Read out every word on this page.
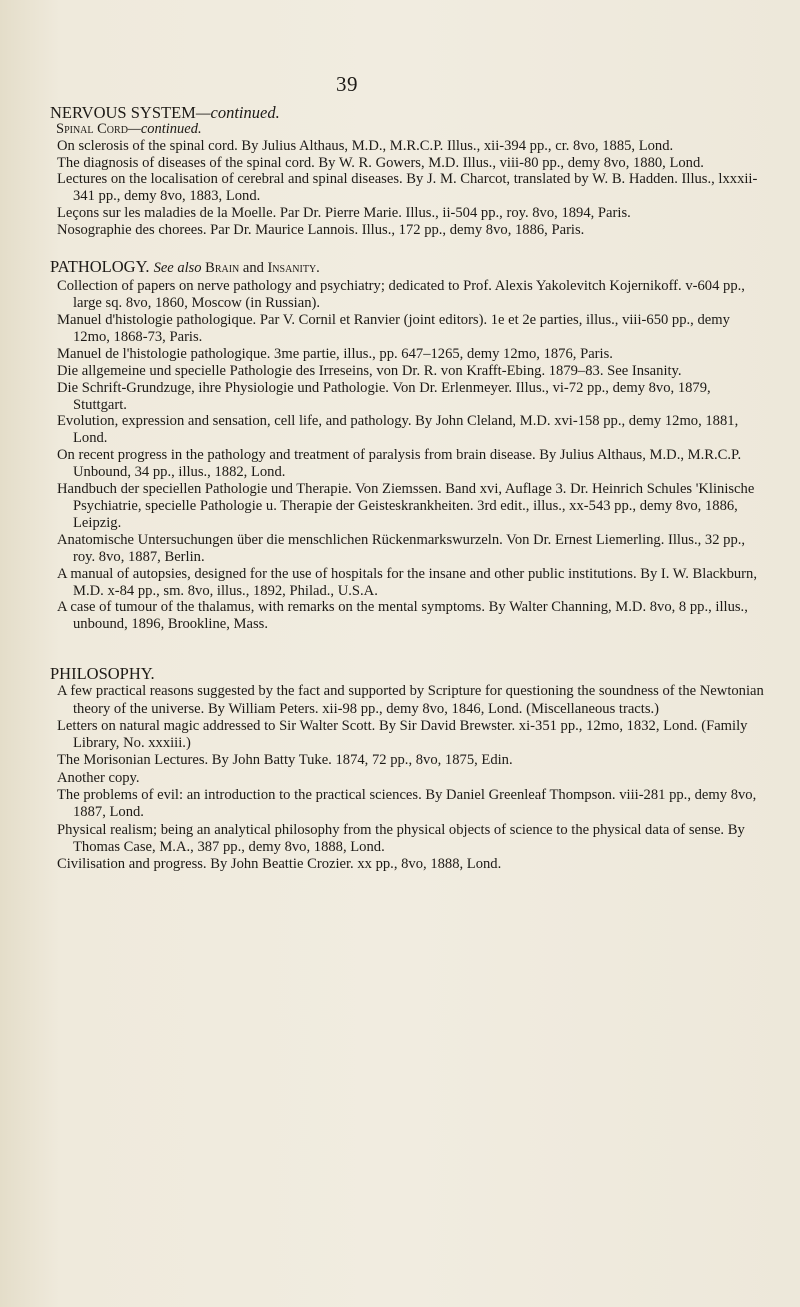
39
NERVOUS SYSTEM—continued.
Spinal Cord—continued.
On sclerosis of the spinal cord. By Julius Althaus, M.D., M.R.C.P. Illus., xii-394 pp., cr. 8vo, 1885, Lond.
The diagnosis of diseases of the spinal cord. By W. R. Gowers, M.D. Illus., viii-80 pp., demy 8vo, 1880, Lond.
Lectures on the localisation of cerebral and spinal diseases. By J. M. Charcot, translated by W. B. Hadden. Illus., lxxxii-341 pp., demy 8vo, 1883, Lond.
Leçons sur les maladies de la Moelle. Par Dr. Pierre Marie. Illus., ii-504 pp., roy. 8vo, 1894, Paris.
Nosographie des chorees. Par Dr. Maurice Lannois. Illus., 172 pp., demy 8vo, 1886, Paris.
PATHOLOGY. See also Brain and Insanity.
Collection of papers on nerve pathology and psychiatry; dedicated to Prof. Alexis Yakolevitch Kojernikoff. v-604 pp., large sq. 8vo, 1860, Moscow (in Russian).
Manuel d'histologie pathologique. Par V. Cornil et Ranvier (joint editors). 1e et 2e parties, illus., viii-650 pp., demy 12mo, 1868-73, Paris.
Manuel de l'histologie pathologique. 3me partie, illus., pp. 647–1265, demy 12mo, 1876, Paris.
Die allgemeine und specielle Pathologie des Irreseins, von Dr. R. von Krafft-Ebing. 1879–83. See Insanity.
Die Schrift-Grundzuge, ihre Physiologie und Pathologie. Von Dr. Erlenmeyer. Illus., vi-72 pp., demy 8vo, 1879, Stuttgart.
Evolution, expression and sensation, cell life, and pathology. By John Cleland, M.D. xvi-158 pp., demy 12mo, 1881, Lond.
On recent progress in the pathology and treatment of paralysis from brain disease. By Julius Althaus, M.D., M.R.C.P. Unbound, 34 pp., illus., 1882, Lond.
Handbuch der speciellen Pathologie und Therapie. Von Ziemssen. Band xvi, Auflage 3. Dr. Heinrich Schules 'Klinische Psychiatrie, specielle Pathologie u. Therapie der Geisteskrankheiten. 3rd edit., illus., xx-543 pp., demy 8vo, 1886, Leipzig.
Anatomische Untersuchungen über die menschlichen Rückenmarkswurzeln. Von Dr. Ernest Liemerling. Illus., 32 pp., roy. 8vo, 1887, Berlin.
A manual of autopsies, designed for the use of hospitals for the insane and other public institutions. By I. W. Blackburn, M.D. x-84 pp., sm. 8vo, illus., 1892, Philad., U.S.A.
A case of tumour of the thalamus, with remarks on the mental symptoms. By Walter Channing, M.D. 8vo, 8 pp., illus., unbound, 1896, Brookline, Mass.
PHILOSOPHY.
A few practical reasons suggested by the fact and supported by Scripture for questioning the soundness of the Newtonian theory of the universe. By William Peters. xii-98 pp., demy 8vo, 1846, Lond. (Miscellaneous tracts.)
Letters on natural magic addressed to Sir Walter Scott. By Sir David Brewster. xi-351 pp., 12mo, 1832, Lond. (Family Library, No. xxxiii.)
The Morisonian Lectures. By John Batty Tuke. 1874, 72 pp., 8vo, 1875, Edin.
Another copy.
The problems of evil: an introduction to the practical sciences. By Daniel Greenleaf Thompson. viii-281 pp., demy 8vo, 1887, Lond.
Physical realism; being an analytical philosophy from the physical objects of science to the physical data of sense. By Thomas Case, M.A., 387 pp., demy 8vo, 1888, Lond.
Civilisation and progress. By John Beattie Crozier. xx pp., 8vo, 1888, Lond.
